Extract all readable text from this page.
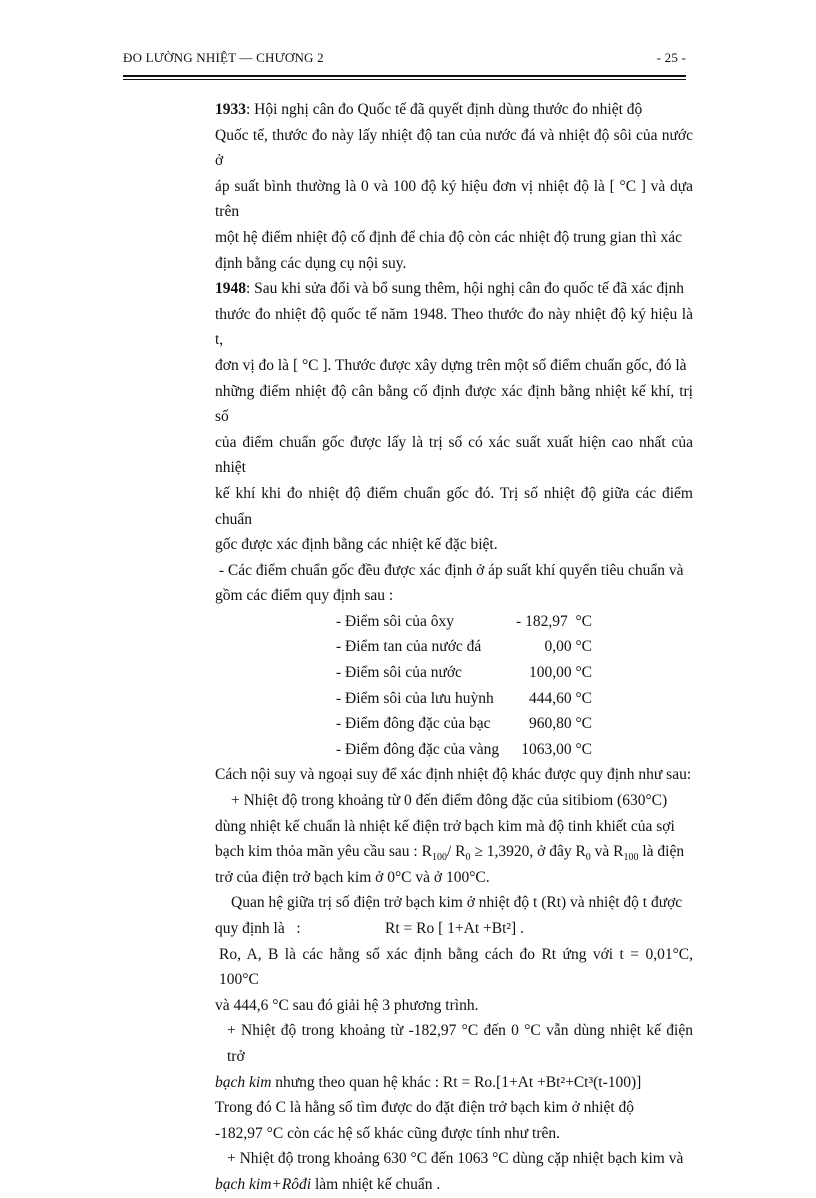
ĐO LƯỜNG NHIỆT — CHƯƠNG 2	- 25 -

1933: Hội nghị cân đo Quốc tế đã quyết định dùng thước đo nhiệt độ

Quốc tế, thước đo này lấy nhiệt độ tan của nước đá và nhiệt độ sôi của nước ở

áp suất bình thường là 0 và 100 độ ký hiệu đơn vị nhiệt độ là [ °C ] và dựa trên

một hệ điểm nhiệt độ cố định để chia độ còn các nhiệt độ trung gian thì xác

định bằng các dụng cụ nội suy.

1948: Sau khi sửa đổi và bổ sung thêm, hội nghị cân đo quốc tế đã xác định

thước đo nhiệt độ quốc tế năm 1948. Theo thước đo này nhiệt độ ký hiệu là t,

đơn vị đo là [ °C ]. Thước được xây dựng trên một số điểm chuẩn gốc, đó là

những điểm nhiệt độ cân bằng cố định được xác định bằng nhiệt kế khí, trị số

của điểm chuẩn gốc được lấy là trị số có xác suất xuất hiện cao nhất của nhiệt

kế khí khi đo nhiệt độ điểm chuẩn gốc đó. Trị số nhiệt độ giữa các điểm chuẩn

gốc được xác định bằng các nhiệt kế đặc biệt.

- Các điểm chuẩn gốc đều được xác định ở áp suất khí quyển tiêu chuẩn và

gồm các điểm quy định sau :

- Điểm sôi của ôxy	- 182,97  °C
- Điểm tan của nước đá	0,00 °C
- Điểm sôi của nước	100,00 °C
- Điểm sôi của lưu huỳnh 444,60 °C
- Điểm đông đặc của bạc 960,80 °C
- Điểm đông đặc của vàng 1063,00 °C

Cách nội suy và ngoại suy để xác định nhiệt độ khác được quy định như sau:

+ Nhiệt độ trong khoảng từ 0 đến điểm đông đặc của sitibiom (630°C)

dùng nhiệt kế chuẩn là nhiệt kế điện trở bạch kim mà độ tinh khiết của sợi

bạch kim thỏa mãn yêu cầu sau : $R_{100}/$ $R_0 \ge 1,3920$, ở đây $R_0$ và $R_{100}$ là điện

trở của điện trở bạch kim ở 0°C và ở 100°C.

Quan hệ giữa trị số điện trở bạch kim ở nhiệt độ t (Rt) và nhiệt độ t được

quy định là   :	Rt = Ro [ 1+At +Bt²] .

Ro, A, B là các hằng số xác định bằng cách đo Rt ứng với t = 0,01°C, 100°C

và 444,6 °C sau đó giải hệ 3 phương trình.

+ Nhiệt độ trong khoảng từ -182,97 °C đến 0 °C vẫn dùng nhiệt kế điện trở

bạch kim nhưng theo quan hệ khác : Rt = Ro.[1+At +Bt²+Ct³(t-100)]

Trong đó C là hằng số tìm được do đặt điện trở bạch kim ở nhiệt độ

-182,97 °C còn các hệ số khác cũng được tính như trên.

+ Nhiệt độ trong khoảng 630 °C đến 1063 °C dùng cặp nhiệt bạch kim và

bạch kim+Rôđi làm nhiệt kế chuẩn .
